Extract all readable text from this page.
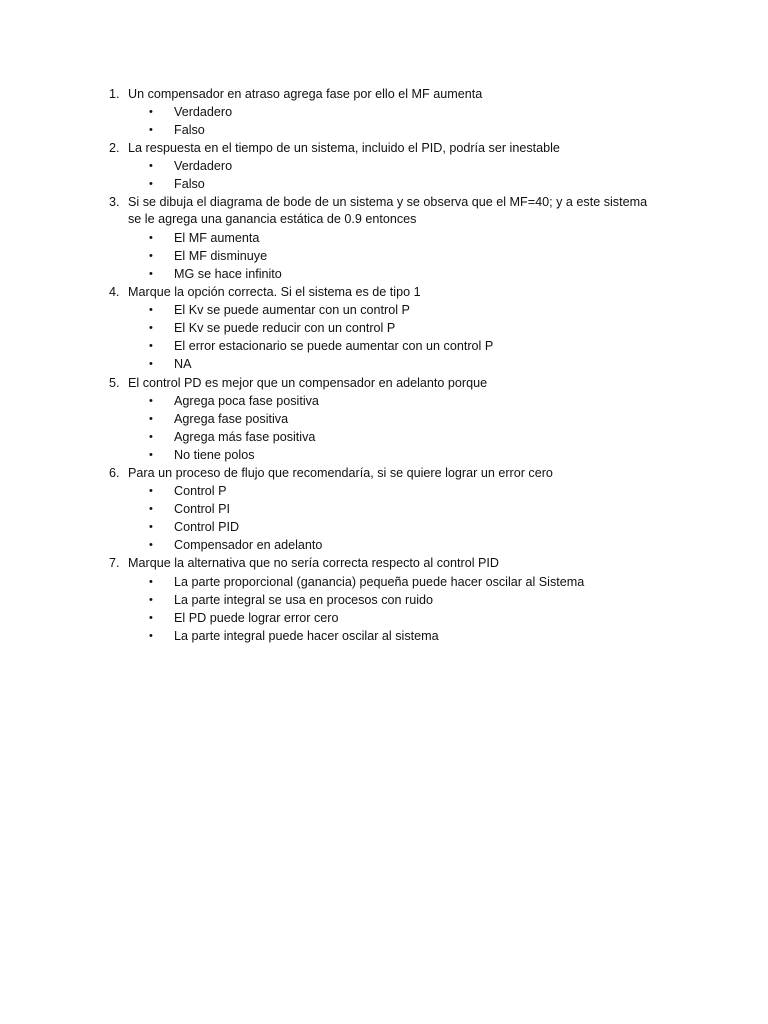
1. Un compensador en atraso agrega fase por ello el MF aumenta
• Verdadero
• Falso
2. La respuesta en el tiempo de un sistema, incluido el PID, podría ser inestable
• Verdadero
• Falso
3. Si se dibuja el diagrama de bode de un sistema y se observa que el MF=40; y a este sistema se le agrega una ganancia estática de 0.9 entonces
• El MF aumenta
• El MF disminuye
• MG se hace infinito
4. Marque la opción correcta. Si el sistema es de tipo 1
• El Kv se puede aumentar con un control P
• El Kv se puede reducir con un control P
• El error estacionario se puede aumentar con un control P
• NA
5. El control PD es mejor que un compensador en adelanto porque
• Agrega poca fase positiva
• Agrega fase positiva
• Agrega más fase positiva
• No tiene polos
6. Para un proceso de flujo que recomendaría, si se quiere lograr un error cero
• Control P
• Control PI
• Control PID
• Compensador en adelanto
7. Marque la alternativa que no sería correcta respecto al control PID
• La parte proporcional (ganancia) pequeña puede hacer oscilar al Sistema
• La parte integral se usa en procesos con ruido
• El PD puede lograr error cero
• La parte integral puede hacer oscilar al sistema
